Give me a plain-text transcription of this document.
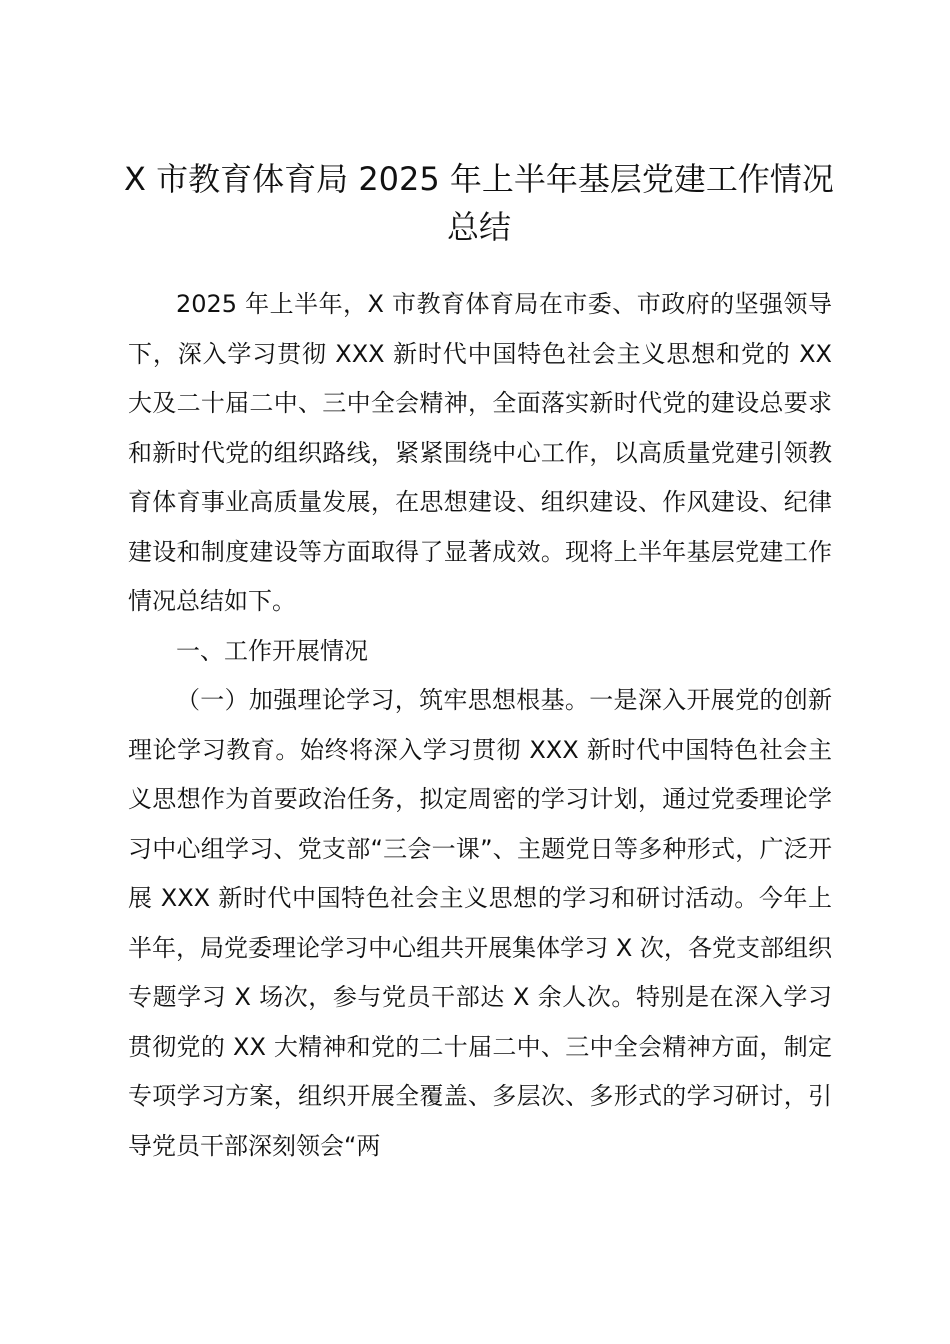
X 市教育体育局 2025 年上半年基层党建工作情况总结

2025 年上半年，X 市教育体育局在市委、市政府的坚强领导下，深入学习贯彻 XXX 新时代中国特色社会主义思想和党的 XX 大及二十届二中、三中全会精神，全面落实新时代党的建设总要求和新时代党的组织路线，紧紧围绕中心工作，以高质量党建引领教育体育事业高质量发展，在思想建设、组织建设、作风建设、纪律建设和制度建设等方面取得了显著成效。现将上半年基层党建工作情况总结如下。

一、工作开展情况

（一）加强理论学习，筑牢思想根基。一是深入开展党的创新理论学习教育。始终将深入学习贯彻 XXX 新时代中国特色社会主义思想作为首要政治任务，拟定周密的学习计划，通过党委理论学习中心组学习、党支部“三会一课”、主题党日等多种形式，广泛开展 XXX 新时代中国特色社会主义思想的学习和研讨活动。今年上半年，局党委理论学习中心组共开展集体学习 X 次，各党支部组织专题学习 X 场次，参与党员干部达 X 余人次。特别是在深入学习贯彻党的 XX 大精神和党的二十届二中、三中全会精神方面，制定专项学习方案，组织开展全覆盖、多层次、多形式的学习研讨，引导党员干部深刻领会“两
